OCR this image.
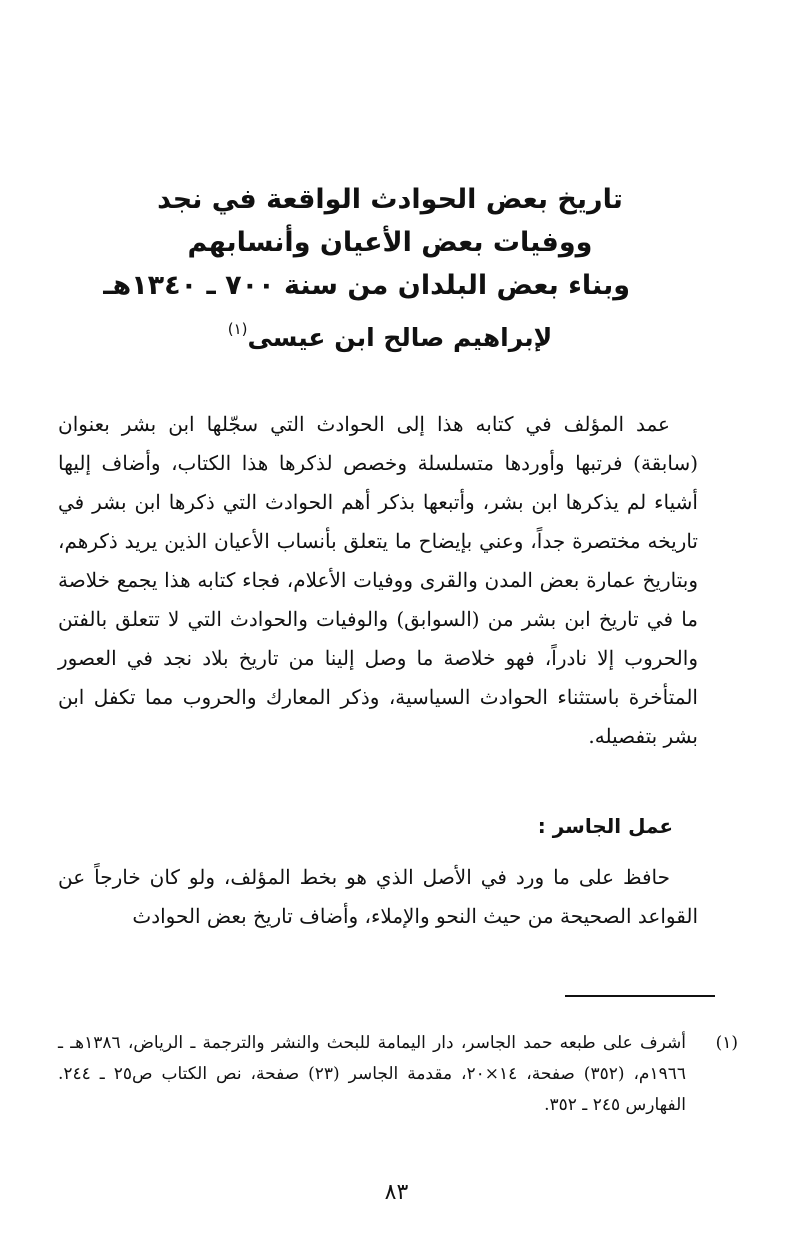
تاريخ بعض الحوادث الواقعة في نجد

ووفيات بعض الأعيان وأنسابهم

وبناء بعض البلدان من سنة ٧٠٠ ـ ١٣٤٠هـ

لإبراهيم صالح ابن عيسى$^{(١)}$

عمد المؤلف في كتابه هذا إلى الحوادث التي سجّلها ابن بشر بعنوان (سابقة) فرتبها وأوردها متسلسلة وخصص لذكرها هذا الكتاب، وأضاف إليها أشياء لم يذكرها ابن بشر، وأتبعها بذكر أهم الحوادث التي ذكرها ابن بشر في تاريخه مختصرة جداً، وعني بإيضاح ما يتعلق بأنساب الأعيان الذين يريد ذكرهم، وبتاريخ عمارة بعض المدن والقرى ووفيات الأعلام، فجاء كتابه هذا يجمع خلاصة ما في تاريخ ابن بشر من (السوابق) والوفيات والحوادث التي لا تتعلق بالفتن والحروب إلا نادراً، فهو خلاصة ما وصل إلينا من تاريخ بلاد نجد في العصور المتأخرة باستثناء الحوادث السياسية، وذكر المعارك والحروب مما تكفل ابن بشر بتفصيله.

عمل الجاسر :

حافظ على ما ورد في الأصل الذي هو بخط المؤلف، ولو كان خارجاً عن القواعد الصحيحة من حيث النحو والإملاء، وأضاف تاريخ بعض الحوادث

(١)
أشرف على طبعه حمد الجاسر، دار اليمامة للبحث والنشر والترجمة ـ الرياض، ١٣٨٦هـ ـ ١٩٦٦م، (٣٥٢) صفحة، ١٤×٢٠، مقدمة الجاسر (٢٣) صفحة، نص الكتاب ص٢٥ ـ ٢٤٤. الفهارس ٢٤٥ ـ ٣٥٢.
٨٣
